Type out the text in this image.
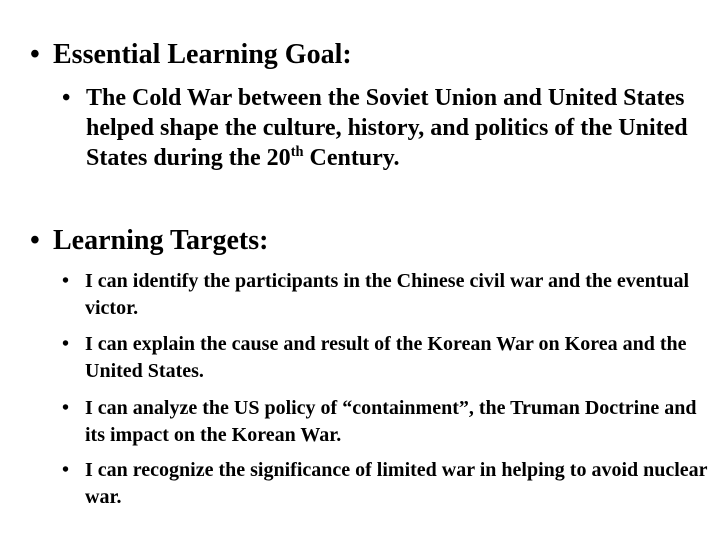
• Essential Learning Goal:
• The Cold War between the Soviet Union and United States helped shape the culture, history, and politics of the United States during the 20th Century.
• Learning Targets:
• I can identify the participants in the Chinese civil war and the eventual victor.
• I can explain the cause and result of the Korean War on Korea and the United States.
• I can analyze the US policy of “containment”, the Truman Doctrine and its impact on the Korean War.
• I can recognize the significance of limited war in helping to avoid nuclear war.
